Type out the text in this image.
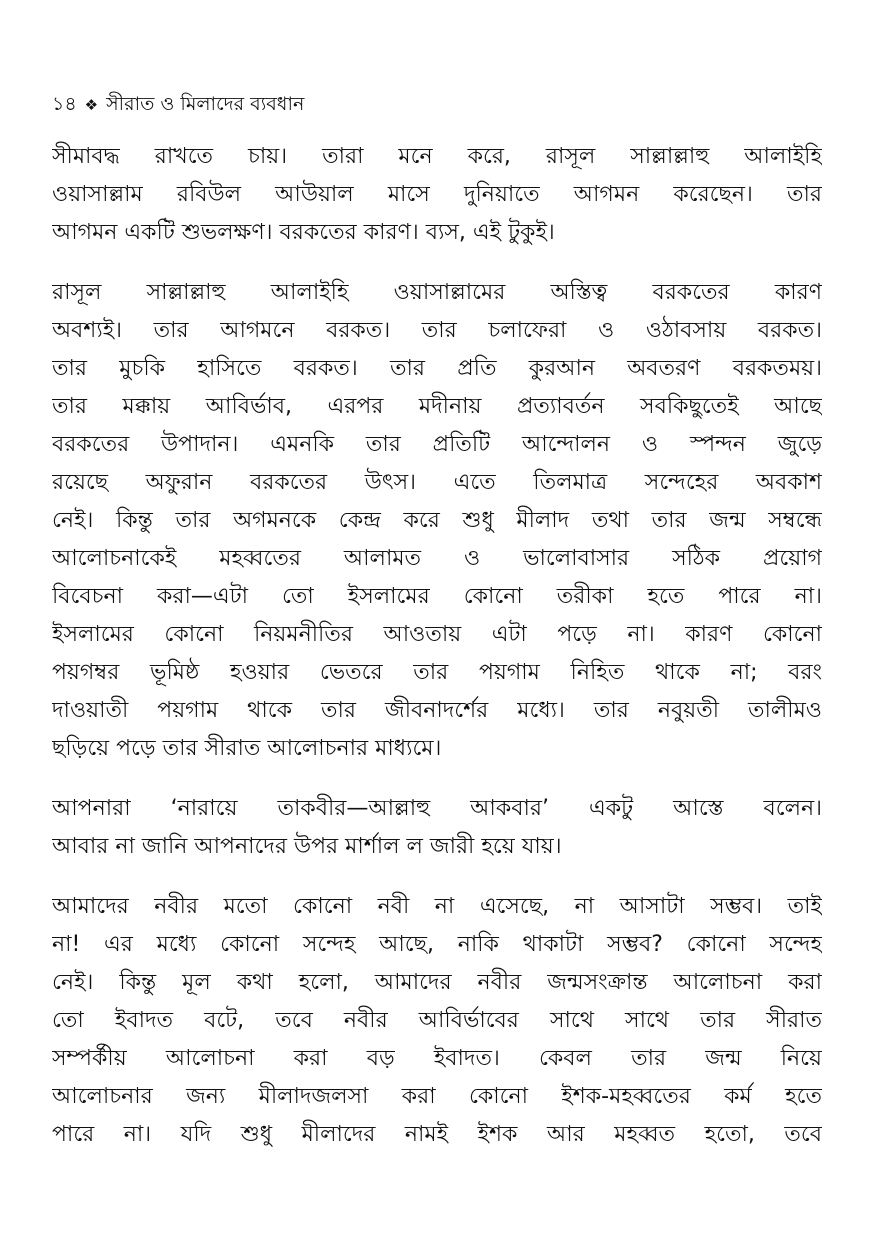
১৪ ❖ সীরাত ও মিলাদের ব্যবধান

সীমাবদ্ধ রাখতে চায়। তারা মনে করে, রাসূল সাল্লাল্লাহু আলাইহি
ওয়াসাল্লাম রবিউল আউয়াল মাসে দুনিয়াতে আগমন করেছেন। তার
আগমন একটি শুভলক্ষণ। বরকতের কারণ। ব্যস, এই টুকুই।

রাসূল সাল্লাল্লাহু আলাইহি ওয়াসাল্লামের অস্তিত্ব বরকতের কারণ
অবশ্যই। তার আগমনে বরকত। তার চলাফেরা ও ওঠাবসায় বরকত।
তার মুচকি হাসিতে বরকত। তার প্রতি কুরআন অবতরণ বরকতময়।
তার মক্কায় আবির্ভাব, এরপর মদীনায় প্রত্যাবর্তন সবকিছুতেই আছে
বরকতের উপাদান। এমনকি তার প্রতিটি আন্দোলন ও স্পন্দন জুড়ে
রয়েছে অফুরান বরকতের উৎস। এতে তিলমাত্র সন্দেহের অবকাশ
নেই। কিন্তু তার অগমনকে কেন্দ্র করে শুধু মীলাদ তথা তার জন্ম সম্বন্ধে
আলোচনাকেই মহব্বতের আলামত ও ভালোবাসার সঠিক প্রয়োগ
বিবেচনা করা—এটা তো ইসলামের কোনো তরীকা হতে পারে না।
ইসলামের কোনো নিয়মনীতির আওতায় এটা পড়ে না। কারণ কোনো
পয়গম্বর ভূমিষ্ঠ হওয়ার ভেতরে তার পয়গাম নিহিত থাকে না; বরং
দাওয়াতী পয়গাম থাকে তার জীবনাদর্শের মধ্যে। তার নবুয়তী তালীমও
ছড়িয়ে পড়ে তার সীরাত আলোচনার মাধ্যমে।

আপনারা ‘নারায়ে তাকবীর—আল্লাহু আকবার’ একটু আস্তে বলেন।
আবার না জানি আপনাদের উপর মার্শাল ল জারী হয়ে যায়।

আমাদের নবীর মতো কোনো নবী না এসেছে, না আসাটা সম্ভব। তাই
না! এর মধ্যে কোনো সন্দেহ আছে, নাকি থাকাটা সম্ভব? কোনো সন্দেহ
নেই। কিন্তু মূল কথা হলো, আমাদের নবীর জন্মসংক্রান্ত আলোচনা করা
তো ইবাদত বটে, তবে নবীর আবির্ভাবের সাথে সাথে তার সীরাত
সম্পর্কীয় আলোচনা করা বড় ইবাদত। কেবল তার জন্ম নিয়ে
আলোচনার জন্য মীলাদজলসা করা কোনো ইশক-মহব্বতের কর্ম হতে
পারে না। যদি শুধু মীলাদের নামই ইশক আর মহব্বত হতো, তবে
